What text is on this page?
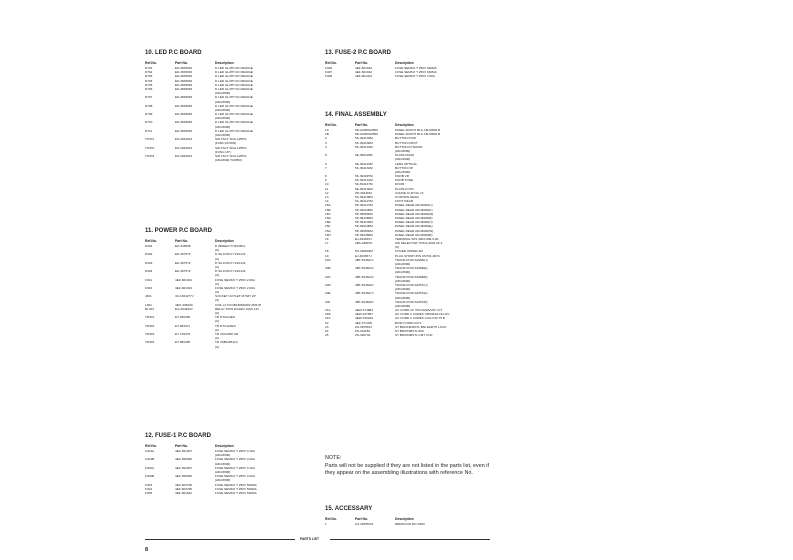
10. LED P.C BOARD
Ref.No.	Part No.	Description
D701	ED-384508J	D LED GL3HY43 ORANGE
D702	ED-384508J	D LED GL3HY43 ORANGE
D703	ED-384508J	D LED GL3HY43 ORANGE
D704	ED-384508J	D LED GL3HY43 ORANGE
D705	ED-384508J	D LED GL3HY43 ORANGE
D706	ED-384508J	D LED GL3HY43 ORANGE
[AM-M600]
D707	ED-384508J	D LED GL3HY43 ORANGE
[AM-M600]
D708	ED-384508J	D LED GL3HY43 ORANGE
[AM-M600]
D709	ED-384508J	D LED GL3HY43 ORANGE
[AM-M600]
D710	ED-384508J	D LED GL3HY43 ORANGE
[AM-M600]
D711	ED-384508J	D LED GL3HY43 ORANGE
[AM-M600]
TS701	ES-394493J	SW TACT SOA-125HS
[FUNC,DOWN]
TS702	ES-394493J	SW TACT SOA-125HS
[FUNC,UP]
TS703	ES-394493J	SW TACT SOA-125HS
[AM-M600,TURBO]
11. POWER P.C BOARD
Ref.No.	Part No.	Description
D301	ED-346558	D ZENER H HZ12B1L
[U]
D302	ED-307572	D SILICON H 1SS131
[U]
D303	ED-307572	D SILICON H 1SS131
[U]
D304	ED-307572	D SILICON H 1SS131
[U]
F301	4EF-601301	FUSE SEMKO T 250V 2.00A
[U]
F302	4EF-601301	FUSE SEMKO T 250V 2.00A
[U]
J301	4CJ-304277J	SOCKET OUTLET M7037 2P
[U]
L301	4EO-338409	COIL LF FKOB160M0402 250UH
RL301	EQ-394450J	RELAY POW DG1EO-O(M) 12V
[U]
TR301	ET-356396	TR DTA114ES
[U]
TR302	ET-384371	TR DTC124ES
[U]
TR303	ET-749375	TR 2SC2458 GR
[U]
TR304	ET-386365	TR 2SB1185 E,F
[U]
12. FUSE-1 P.C BOARD
Ref.No.	Part No.	Description
F401A	4EF-691007	FUSE SEMKO T 250V 3.15A
[AM-M600]
F401B	4EF-690996	FUSE SEMKO T 250V 4.00A
[AM-M600]
F402A	4EF-691007	FUSE SEMKO T 250V 3.15A
[AM-M600]
F402B	4EF-690996	FUSE SEMKO T 250V 4.00A
[AM-M600]
F403	4EF-603796	FUSE SEMKO T 250V 500MA
F404	4EF-603796	FUSE SEMKO T 250V 500MA
F405	4EF-601942	FUSE SEMKO T 250V 630MA
13. FUSE-2 P.C BOARD
Ref.No.	Part No.	Description
F406	4EF-601942	FUSE SEMKO T 250V 630MA
F407	4EF-601942	FUSE SEMKO T 250V 630MA
F408	4EF-601301	FUSE SEMKO T 250V 2.00A
14. FINAL ASSEMBLY
Ref.No.	Part No.	Description
1A	8D-A2066A050A	PANEL FRONT BLK AM-M600-B
1B	8D-A2066A0550	PANEL FRONT BLK AM-M600-B
2	5K-394133M	BUTTON POW
3	5K-394130M	BUTTON INPUT
4	5K-394131M	BUTTON DYNAMIC
[AM-M600]
5	5E-395118M	PLATE MASK
[AM-M600]
6	5E-394119M	LENS OPTICAL
7	5K-394132M	BUTTON OP
[AM-M600]
8	5K-394097M	KNOB VR
9	5K-394131M	KNOB TONE
10	5Z-394137M	DOOR
11	5E-394136M	PLATE FOOT
12	ZH-394465J	CANOE CLIP NC-74
13	5A-394138M	CUSHION REAR
14	5A-394127M	FOOT REAR
15A	5P-394107M	PANEL REAR AM-M600(U)
15B	5P-394108M	PANEL REAR AM-M600(K)
15C	5P-395830M	PANEL REAR AM-M600(W)
15D	5P-394368M	PANEL REAR AM-M600(B)
15E	5P-394109M	PANEL REAR AM-M600(U)
15F	5P-394108M	PANEL REAR AM-M600(E)
15G	5P-395830M	PANEL REAR AM-M600(W)
15H	5P-394368M	PANEL REAR AM-M600(B)
16	EJ-394636J	TERMINAL W/S 3003-008-0-00
17	4ES-348670	SW SELECTOR YK511-0002 02-4
[U]
18	5C-394094M	COVER UPPER AM
19	EJ-304657J	PLUG SHORT-PIN CNT31-0074
20A	4BT-394521J	TRANS POW A2068(U)
[AM-M600]
20B	4BT-394523J	TRANS POW A2068(E)
[AM-M600]
20C	4BT-394524J	TRANS POW A2068(B)
[AM-M600]
20D	4BT-394526J	TRANS POW A2057(U)
[AM-M600]
20E	4BT-394527J	TRANS POW A2057(E)
[AM-M600]
20F	4BT-394528J	TRANS POW A2067(B)
[AM-M600]
21A	4EW-374884	AC CORD 2C VM-0129A/VFF U/T
21B	4EW-347897	AC CORD 2 CORES VM0364/LCFL EV
21C	4EW-346249	AC CORD 2 CORES LCFL2X0.75 B
22	4EZ-371405	BUSH CORD 2271
23	ZS-387963J	ST BID3X6N6STL BNI EARTH LOCK
24	ZS-331182	ST BID3X08STL BNI
25	ZS-346742	ST BID3X08STL CMT CUP
15. ACCESSARY
Ref.No.	Part No.	Description
1	AX-394557M	REMOCON RC-S600
NOTE:
Parts will not be supplied if they are not listed in the parts list, even if they appear on the assembling illustrations with reference No.
PARTS LIST
8
